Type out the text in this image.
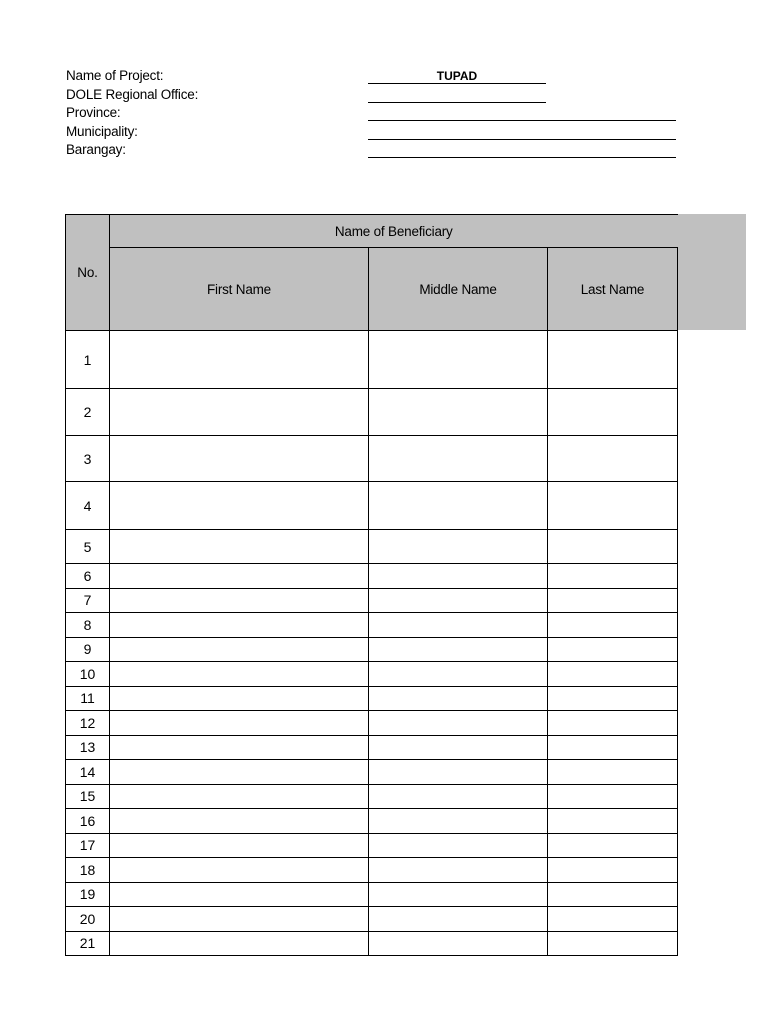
Name of Project:	TUPAD
DOLE Regional Office:
Province:
Municipality:
Barangay:
No.	Name of Beneficiary		
	First Name	Middle Name	Last Name
1			
2			
3			
4			
5			
6			
7			
8			
9			
10			
11			
12			
13			
14			
15			
16			
17			
18			
19			
20			
21			
